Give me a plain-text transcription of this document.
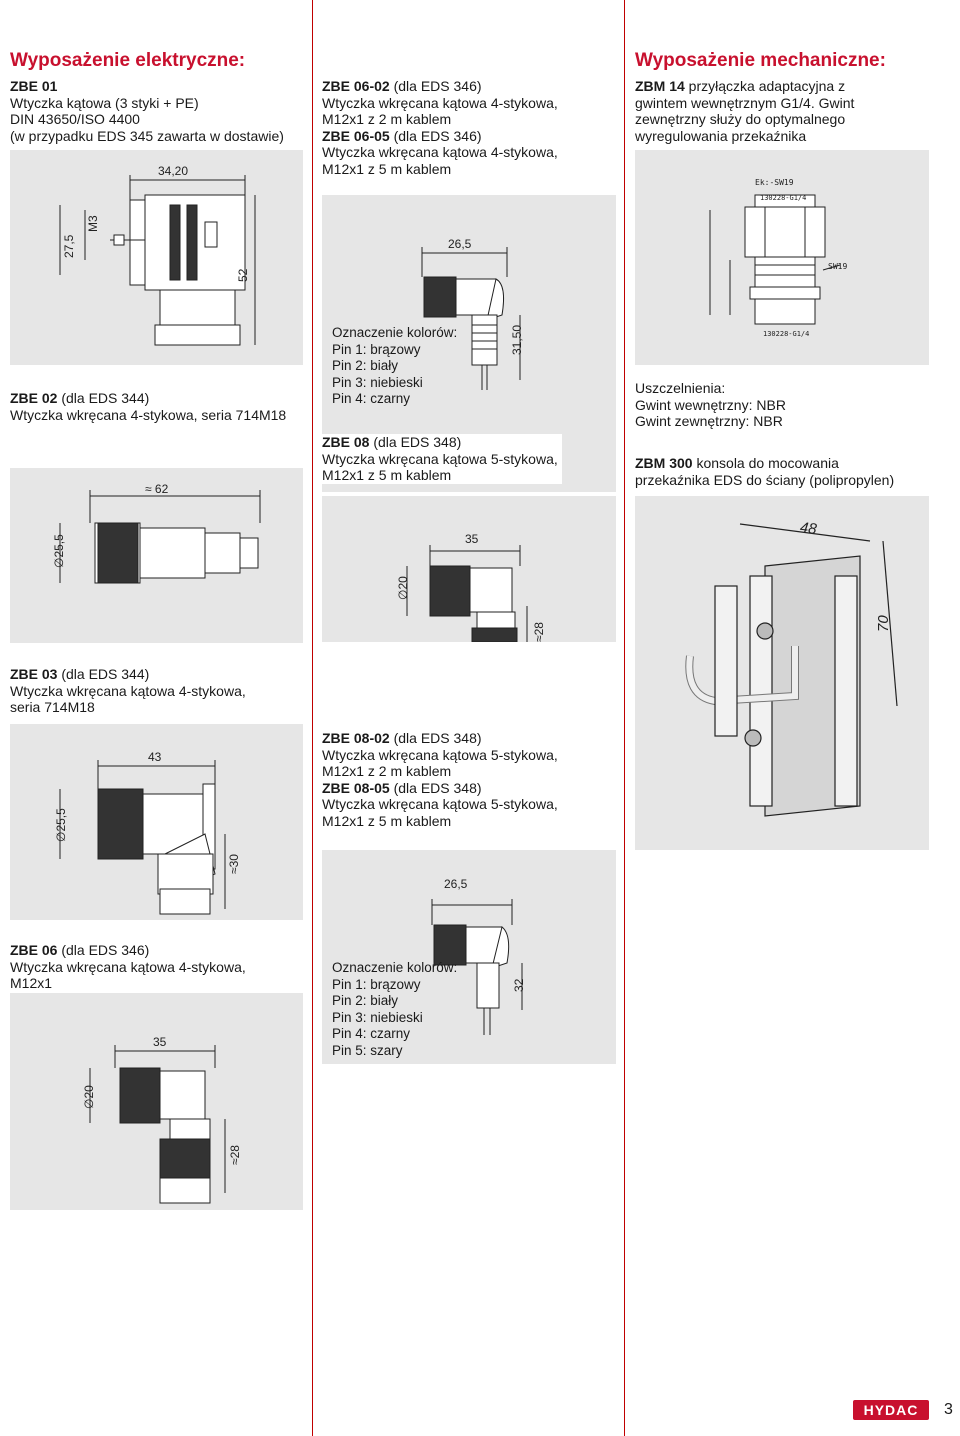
Wyposażenie elektryczne:
ZBE 01
Wtyczka kątowa (3 styki + PE)
DIN 43650/ISO 4400
(w przypadku EDS 345 zawarta w dostawie)
34,20
27,5
M3
52
ZBE 02 (dla EDS 344)
Wtyczka wkręcana 4-stykowa, seria 714M18
≈ 62
∅25,5
ZBE 03 (dla EDS 344)
Wtyczka wkręcana kątowa 4-stykowa,
seria 714M18
43
∅25,5
≈30
ZBE 06 (dla EDS 346)
Wtyczka wkręcana kątowa 4-stykowa,
M12x1
35
∅20
≈28
ZBE 06-02 (dla EDS 346)
Wtyczka wkręcana kątowa 4-stykowa,
M12x1 z 2 m kablem
ZBE 06-05 (dla EDS 346)
Wtyczka wkręcana kątowa 4-stykowa,
M12x1 z 5 m kablem
26,5
31,50
Oznaczenie kolorów:
Pin 1: brązowy
Pin 2: biały
Pin 3: niebieski
Pin 4: czarny
ZBE 08 (dla EDS 348)
Wtyczka wkręcana kątowa 5-stykowa,
M12x1 z 5 m kablem
35
∅20
≈28
ZBE 08-02 (dla EDS 348)
Wtyczka wkręcana kątowa 5-stykowa,
M12x1 z 2 m kablem
ZBE 08-05 (dla EDS 348)
Wtyczka wkręcana kątowa 5-stykowa,
M12x1 z 5 m kablem
26,5
32
Oznaczenie kolorów:
Pin 1: brązowy
Pin 2: biały
Pin 3: niebieski
Pin 4: czarny
Pin 5: szary
Wyposażenie mechaniczne:
ZBM 14 przyłączka adaptacyjna z
gwintem wewnętrznym G1/4. Gwint
zewnętrzny służy do optymalnego
wyregulowania przekaźnika
Ek:-SW19
130228-G1/4
SW19
130228-G1/4
Uszczelnienia:
Gwint wewnętrzny: NBR
Gwint zewnętrzny: NBR
ZBM 300 konsola do mocowania
przekaźnika EDS do ściany (polipropylen)
48
70
HYDAC	3
